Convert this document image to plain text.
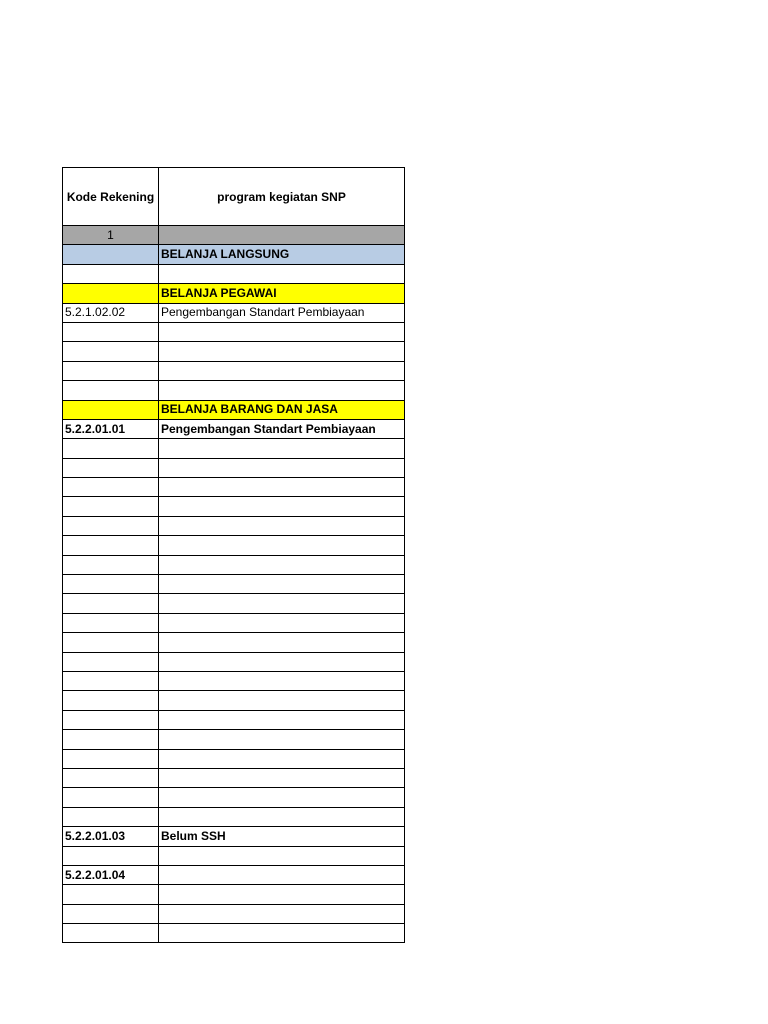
Kode Rekening	program kegiatan SNP
1	
	BELANJA LANGSUNG

	BELANJA PEGAWAI
5.2.1.02.02	Pengembangan Standart Pembiayaan

	BELANJA BARANG DAN JASA
5.2.2.01.01	Pengembangan Standart Pembiayaan

5.2.2.01.03	Belum SSH

5.2.2.01.04	
